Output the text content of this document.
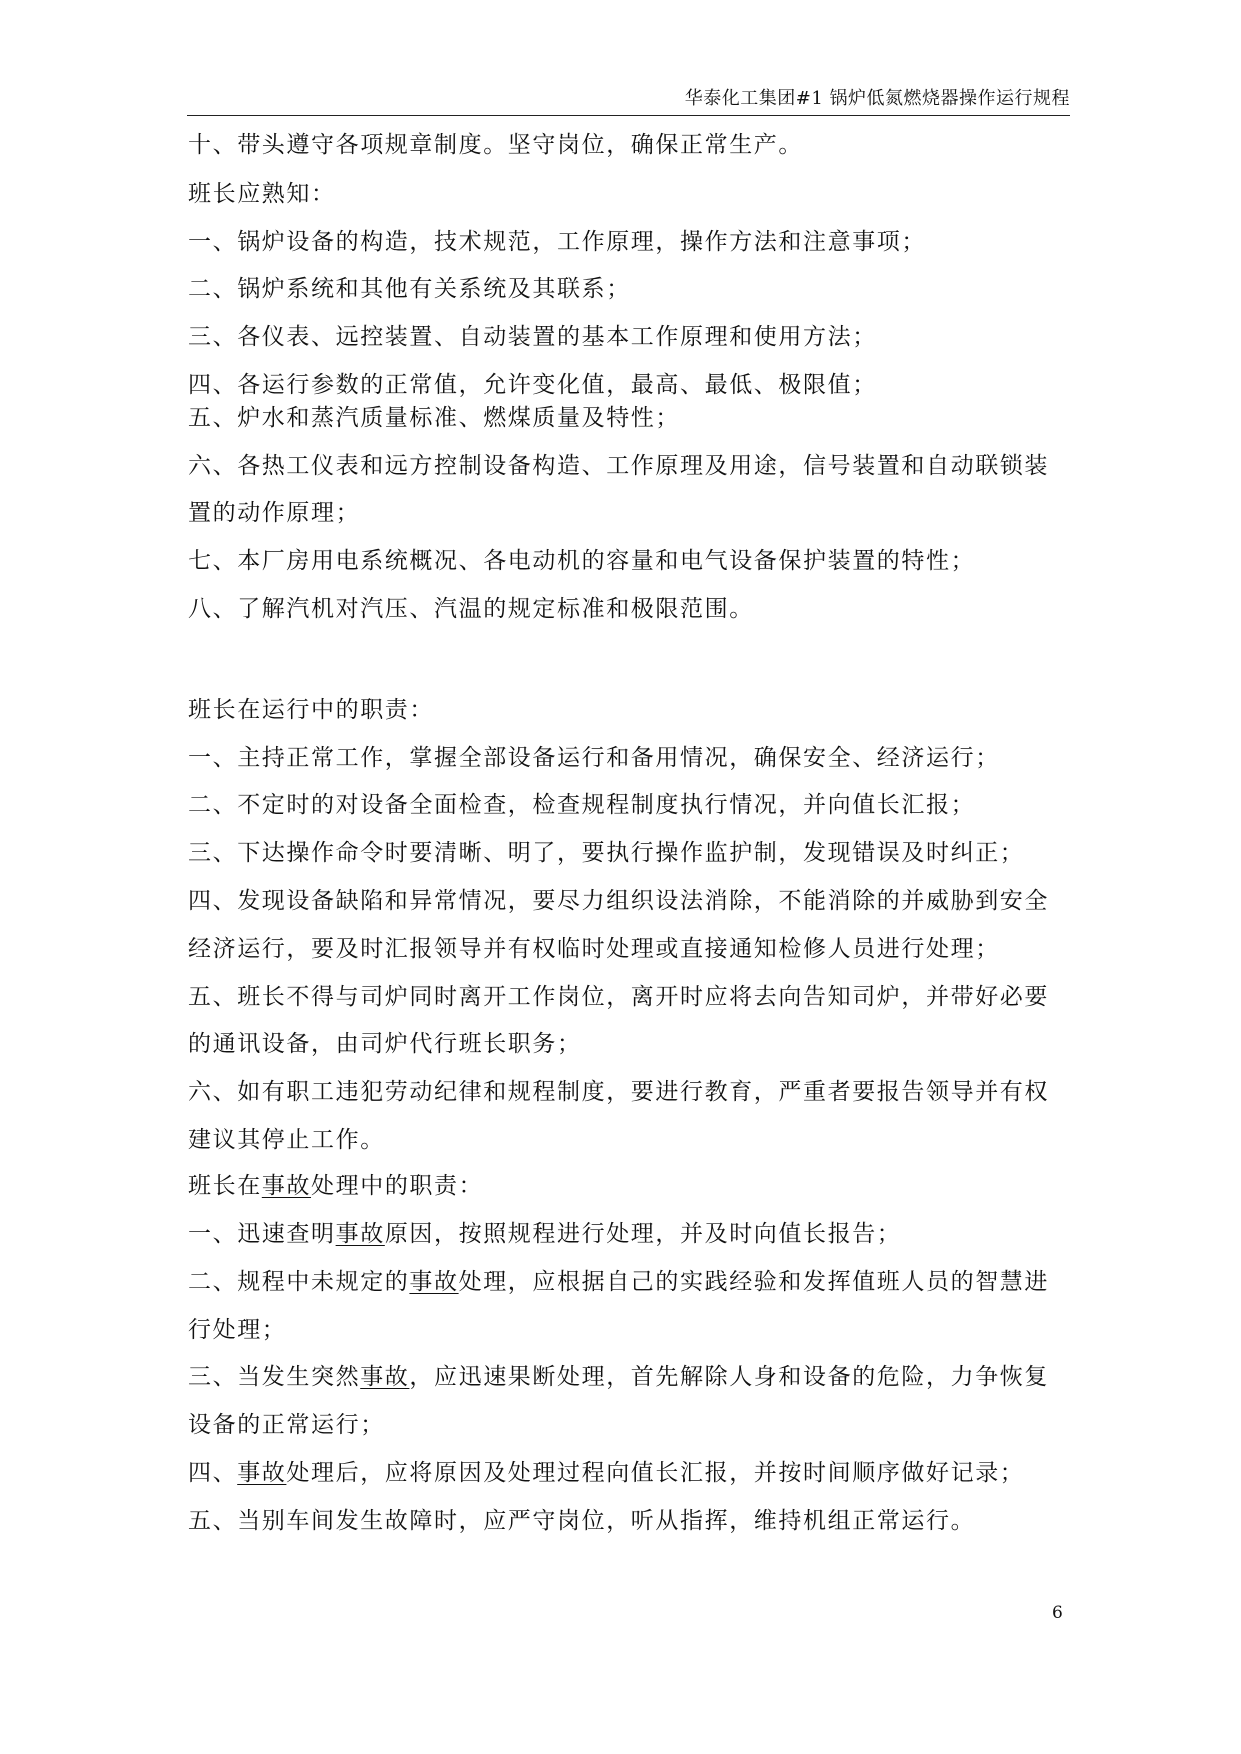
华泰化工集团#1 锅炉低氮燃烧器操作运行规程
十、带头遵守各项规章制度。坚守岗位，确保正常生产。
班长应熟知：
一、锅炉设备的构造，技术规范，工作原理，操作方法和注意事项；
二、锅炉系统和其他有关系统及其联系；
三、各仪表、远控装置、自动装置的基本工作原理和使用方法；
四、各运行参数的正常值，允许变化值，最高、最低、极限值；
五、炉水和蒸汽质量标准、燃煤质量及特性；
六、各热工仪表和远方控制设备构造、工作原理及用途，信号装置和自动联锁装
置的动作原理；
七、本厂房用电系统概况、各电动机的容量和电气设备保护装置的特性；
八、了解汽机对汽压、汽温的规定标准和极限范围。
班长在运行中的职责：
一、主持正常工作，掌握全部设备运行和备用情况，确保安全、经济运行；
二、不定时的对设备全面检查，检查规程制度执行情况，并向值长汇报；
三、下达操作命令时要清晰、明了，要执行操作监护制，发现错误及时纠正；
四、发现设备缺陷和异常情况，要尽力组织设法消除，不能消除的并威胁到安全
经济运行，要及时汇报领导并有权临时处理或直接通知检修人员进行处理；
五、班长不得与司炉同时离开工作岗位，离开时应将去向告知司炉，并带好必要
的通讯设备，由司炉代行班长职务；
六、如有职工违犯劳动纪律和规程制度，要进行教育，严重者要报告领导并有权
建议其停止工作。
班长在事故处理中的职责：
一、迅速查明事故原因，按照规程进行处理，并及时向值长报告；
二、规程中未规定的事故处理，应根据自己的实践经验和发挥值班人员的智慧进
行处理；
三、当发生突然事故，应迅速果断处理，首先解除人身和设备的危险，力争恢复
设备的正常运行；
四、事故处理后，应将原因及处理过程向值长汇报，并按时间顺序做好记录；
五、当别车间发生故障时，应严守岗位，听从指挥，维持机组正常运行。
6
